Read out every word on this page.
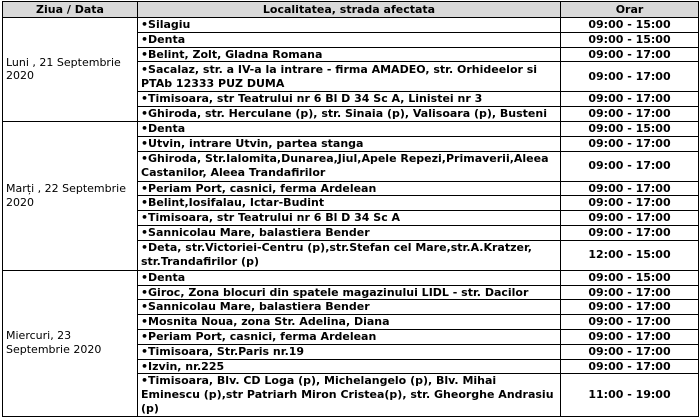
Ziua / Data	Localitatea, strada afectata	Orar
Luni , 21 Septembrie 2020	•Silagiu	09:00 - 15:00
	•Denta	09:00 - 15:00
	•Belint, Zolt, Gladna Romana	09:00 - 17:00
	•Sacalaz, str. a IV-a la intrare - firma AMADEO, str. Orhideelor si PTAb 12333 PUZ DUMA	09:00 - 17:00
	•Timisoara, str Teatrului nr 6 Bl D 34 Sc A, Linistei nr 3	09:00 - 17:00
	•Ghiroda, str. Herculane (p), str. Sinaia (p), Valisoara (p), Busteni	09:00 - 17:00
Marți , 22 Septembrie 2020	•Denta	09:00 - 15:00
	•Utvin, intrare Utvin, partea stanga	09:00 - 17:00
	•Ghiroda, Str.Ialomita,Dunarea,Jiul,Apele Repezi,Primaverii,Aleea Castanilor, Aleea Trandafirilor	09:00 - 17:00
	•Periam Port, casnici, ferma Ardelean	09:00 - 17:00
	•Belint,Iosifalau, Ictar-Budint	09:00 - 17:00
	•Timisoara, str Teatrului nr 6 Bl D 34 Sc A	09:00 - 17:00
	•Sannicolau Mare, balastiera Bender	09:00 - 17:00
	•Deta, str.Victoriei-Centru (p),str.Stefan cel Mare,str.A.Kratzer, str.Trandafirilor (p)	12:00 - 15:00
Miercuri, 23 Septembrie 2020	•Denta	09:00 - 15:00
	•Giroc, Zona blocuri din spatele magazinului LIDL - str. Dacilor	09:00 - 17:00
	•Sannicolau Mare, balastiera Bender	09:00 - 17:00
	•Mosnita Noua, zona Str. Adelina, Diana	09:00 - 17:00
	•Periam Port, casnici, ferma Ardelean	09:00 - 17:00
	•Timisoara, Str.Paris nr.19	09:00 - 17:00
	•Izvin, nr.225	09:00 - 17:00
	•Timisoara, Blv. CD Loga (p), Michelangelo (p), Blv. Mihai Eminescu (p),str Patriarh Miron Cristea(p), str. Gheorghe Andrasiu (p)	11:00 - 19:00
